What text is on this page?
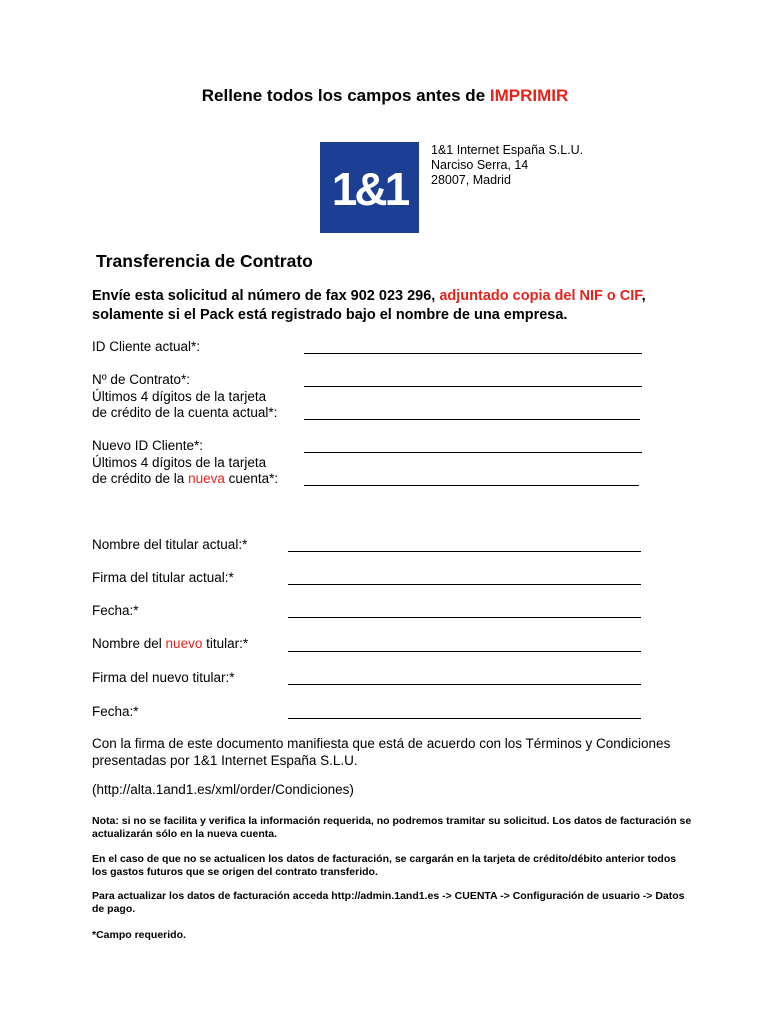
Rellene todos los campos antes de IMPRIMIR
1&1
1&1 Internet España S.L.U.
Narciso Serra, 14
28007, Madrid
Transferencia de Contrato
Envíe esta solicitud al número de fax 902 023 296, adjuntado copia del NIF o CIF, solamente si el Pack está registrado bajo el nombre de una empresa.
ID Cliente actual*:
Nº de Contrato*:
Últimos 4 dígitos de la tarjeta
de crédito de la cuenta actual*:
Nuevo ID Cliente*:
Últimos 4 dígitos de la tarjeta
de crédito de la nueva cuenta*:
Nombre del titular actual:*
Firma del titular actual:*
Fecha:*
Nombre del nuevo titular:*
Firma del nuevo titular:*
Fecha:*
Con la firma de este documento manifiesta que está de acuerdo con los Términos y Condiciones presentadas por 1&1 Internet España S.L.U.
(http://alta.1and1.es/xml/order/Condiciones)
Nota: si no se facilita y verifica la información requerida, no podremos tramitar su solicitud. Los datos de facturación se actualizarán sólo en la nueva cuenta.
En el caso de que no se actualicen los datos de facturación, se cargarán en la tarjeta de crédito/débito anterior todos los gastos futuros que se origen del contrato transferido.
Para actualizar los datos de facturación acceda http://admin.1and1.es -> CUENTA -> Configuración de usuario -> Datos de pago.
*Campo requerido.
